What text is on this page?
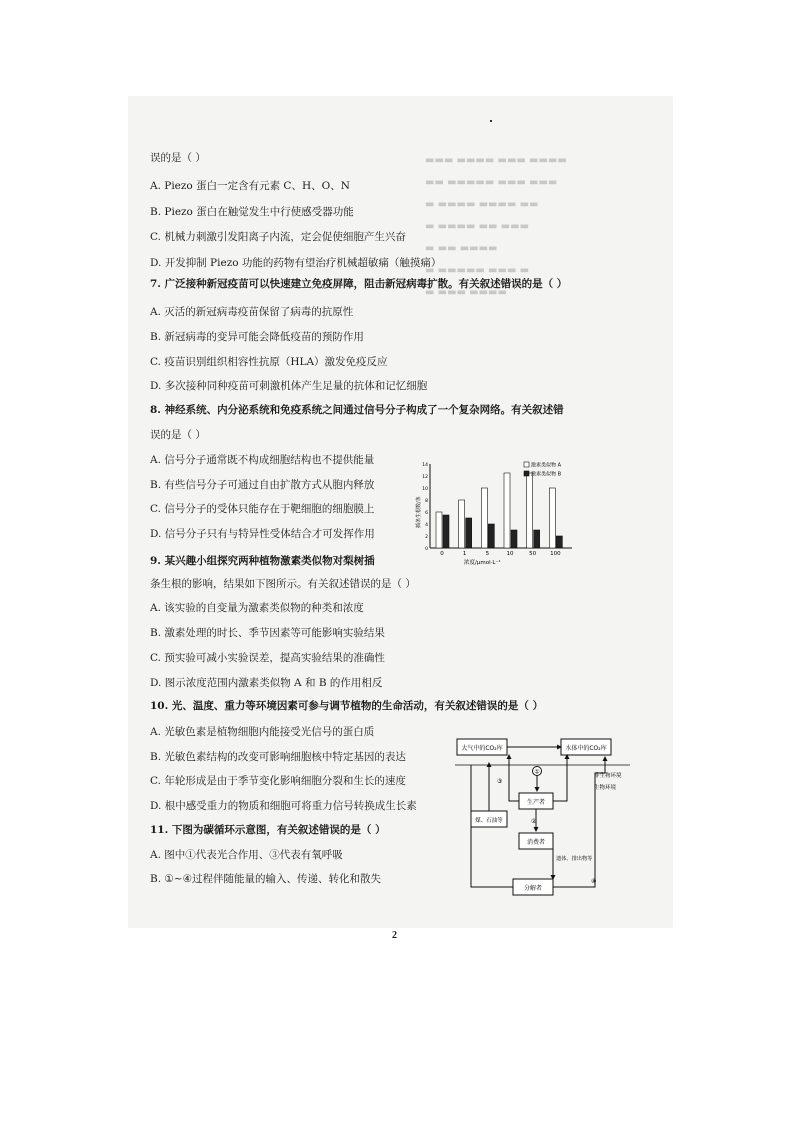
▬▬▬ ▬▬▬▬ ▬▬▬ ▬▬▬▬
▬▬ ▬▬▬▬▬ ▬▬▬ ▬▬▬
▬ ▬▬▬▬ ▬▬▬▬ ▬▬
▬ ▬▬▬▬ ▬▬ ▬▬▬
▬ ▬▬ ▬▬▬▬
▬ ▬▬▬▬▬ ▬▬▬ ▬
▬ ▬▬▬ ▬▬▬▬
误的是（ ）
A. Piezo 蛋白一定含有元素 C、H、O、N
B. Piezo 蛋白在触觉发生中行使感受器功能
C. 机械力刺激引发阳离子内流，定会促使细胞产生兴奋
D. 开发抑制 Piezo 功能的药物有望治疗机械超敏痛（触摸痛）
7. 广泛接种新冠疫苗可以快速建立免疫屏障，阻击新冠病毒扩散。有关叙述错误的是（ ）
A. 灭活的新冠病毒疫苗保留了病毒的抗原性
B. 新冠病毒的变异可能会降低疫苗的预防作用
C. 疫苗识别组织相容性抗原（HLA）激发免疫反应
D. 多次接种同种疫苗可刺激机体产生足量的抗体和记忆细胞
8. 神经系统、内分泌系统和免疫系统之间通过信号分子构成了一个复杂网络。有关叙述错
误的是（ ）
A. 信号分子通常既不构成细胞结构也不提供能量
B. 有些信号分子可通过自由扩散方式从胞内释放
C. 信号分子的受体只能存在于靶细胞的细胞膜上
D. 信号分子只有与特异性受体结合才可发挥作用
9. 某兴趣小组探究两种植物激素类似物对梨树插
条生根的影响，结果如下图所示。有关叙述错误的是（ ）
A. 该实验的自变量为激素类似物的种类和浓度
B. 激素处理的时长、季节因素等可能影响实验结果
C. 预实验可减小实验误差，提高实验结果的准确性
D. 图示浓度范围内激素类似物 A 和 B 的作用相反
10. 光、温度、重力等环境因素可参与调节植物的生命活动，有关叙述错误的是（ ）
A. 光敏色素是植物细胞内能接受光信号的蛋白质
B. 光敏色素结构的改变可影响细胞核中特定基因的表达
C. 年轮形成是由于季节变化影响细胞分裂和生长的速度
D. 根中感受重力的物质和细胞可将重力信号转换成生长素
11. 下图为碳循环示意图，有关叙述错误的是（ ）
A. 图中①代表光合作用、③代表有氧呼吸
B. ①~④过程伴随能量的输入、传递、转化和散失
2
插条生根数/条
浓度/μmol·L⁻¹
0
2
4
6
8
10
12
14
0	1	5	10	50	100
激素类似物 A
激素类似物 B
大气中的CO₂库	水体中的CO₂库
非生物环境
生物环境
①
生产者
②
消费者
煤、石油等
③
分解者
遗体、排出物等
④
